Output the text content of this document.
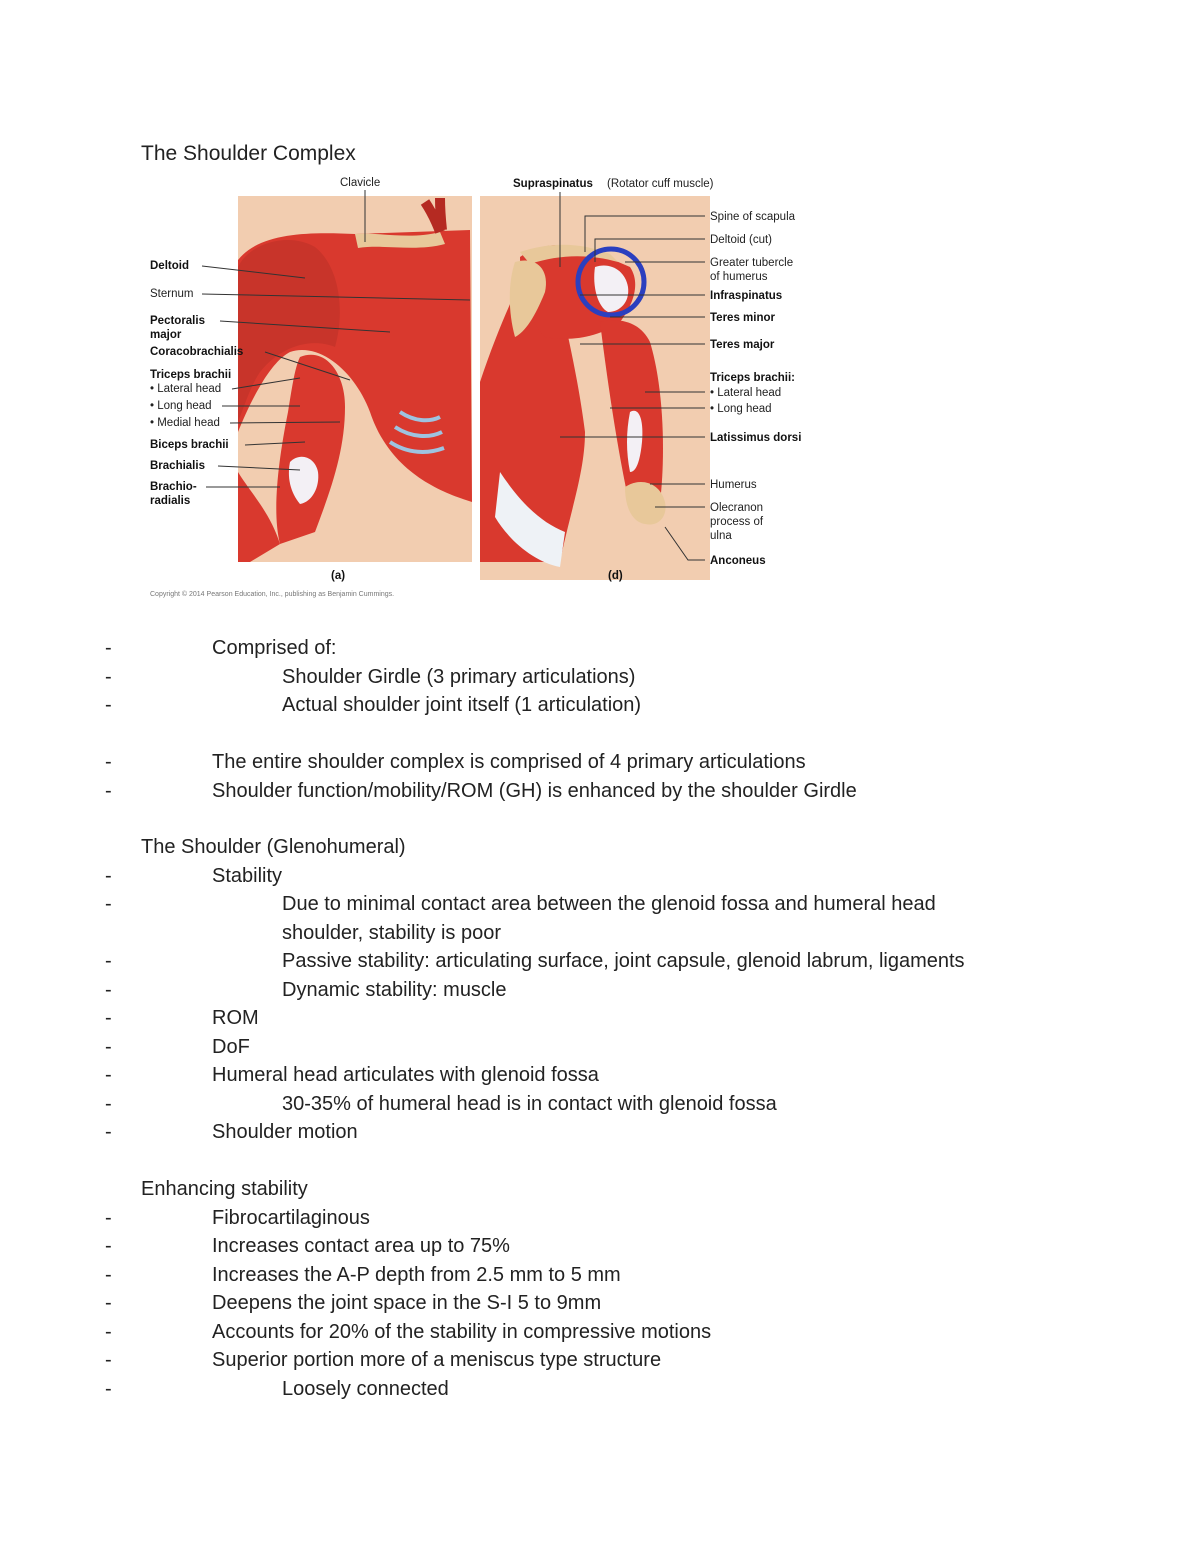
The Shoulder Complex
Clavicle
Deltoid
Sternum
Pectoralis
major
Coracobrachialis
Triceps brachii
• Lateral head
• Long head
• Medial head
Biceps brachii
Brachialis
Brachio-
radialis
(a)
Supraspinatus (Rotator cuff muscle)
Spine of scapula
Deltoid (cut)
Greater tubercle
of humerus
Infraspinatus
Teres minor
Teres major
Triceps brachii:
• Lateral head
• Long head
Latissimus dorsi
Humerus
Olecranon
process of
ulna
Anconeus
(d)
Copyright © 2014 Pearson Education, Inc., publishing as Benjamin Cummings.
-	Comprised of:
-	Shoulder Girdle (3 primary articulations)
-	Actual shoulder joint itself (1 articulation)
-	The entire shoulder complex is comprised of 4 primary articulations
-	Shoulder function/mobility/ROM (GH) is enhanced by the shoulder Girdle
The Shoulder (Glenohumeral)
-	Stability
-	Due to minimal contact area between the glenoid fossa and humeral head shoulder, stability is poor
-	Passive stability: articulating surface, joint capsule, glenoid labrum, ligaments
-	Dynamic stability: muscle
-	ROM
-	DoF
-	Humeral head articulates with glenoid fossa
-	30-35% of humeral head is in contact with glenoid fossa
-	Shoulder motion
Enhancing stability
-	Fibrocartilaginous
-	Increases contact area up to 75%
-	Increases the A-P depth from 2.5 mm to 5 mm
-	Deepens the joint space in the S-I 5 to 9mm
-	Accounts for 20% of the stability in compressive motions
-	Superior portion more of a meniscus type structure
-	Loosely connected
